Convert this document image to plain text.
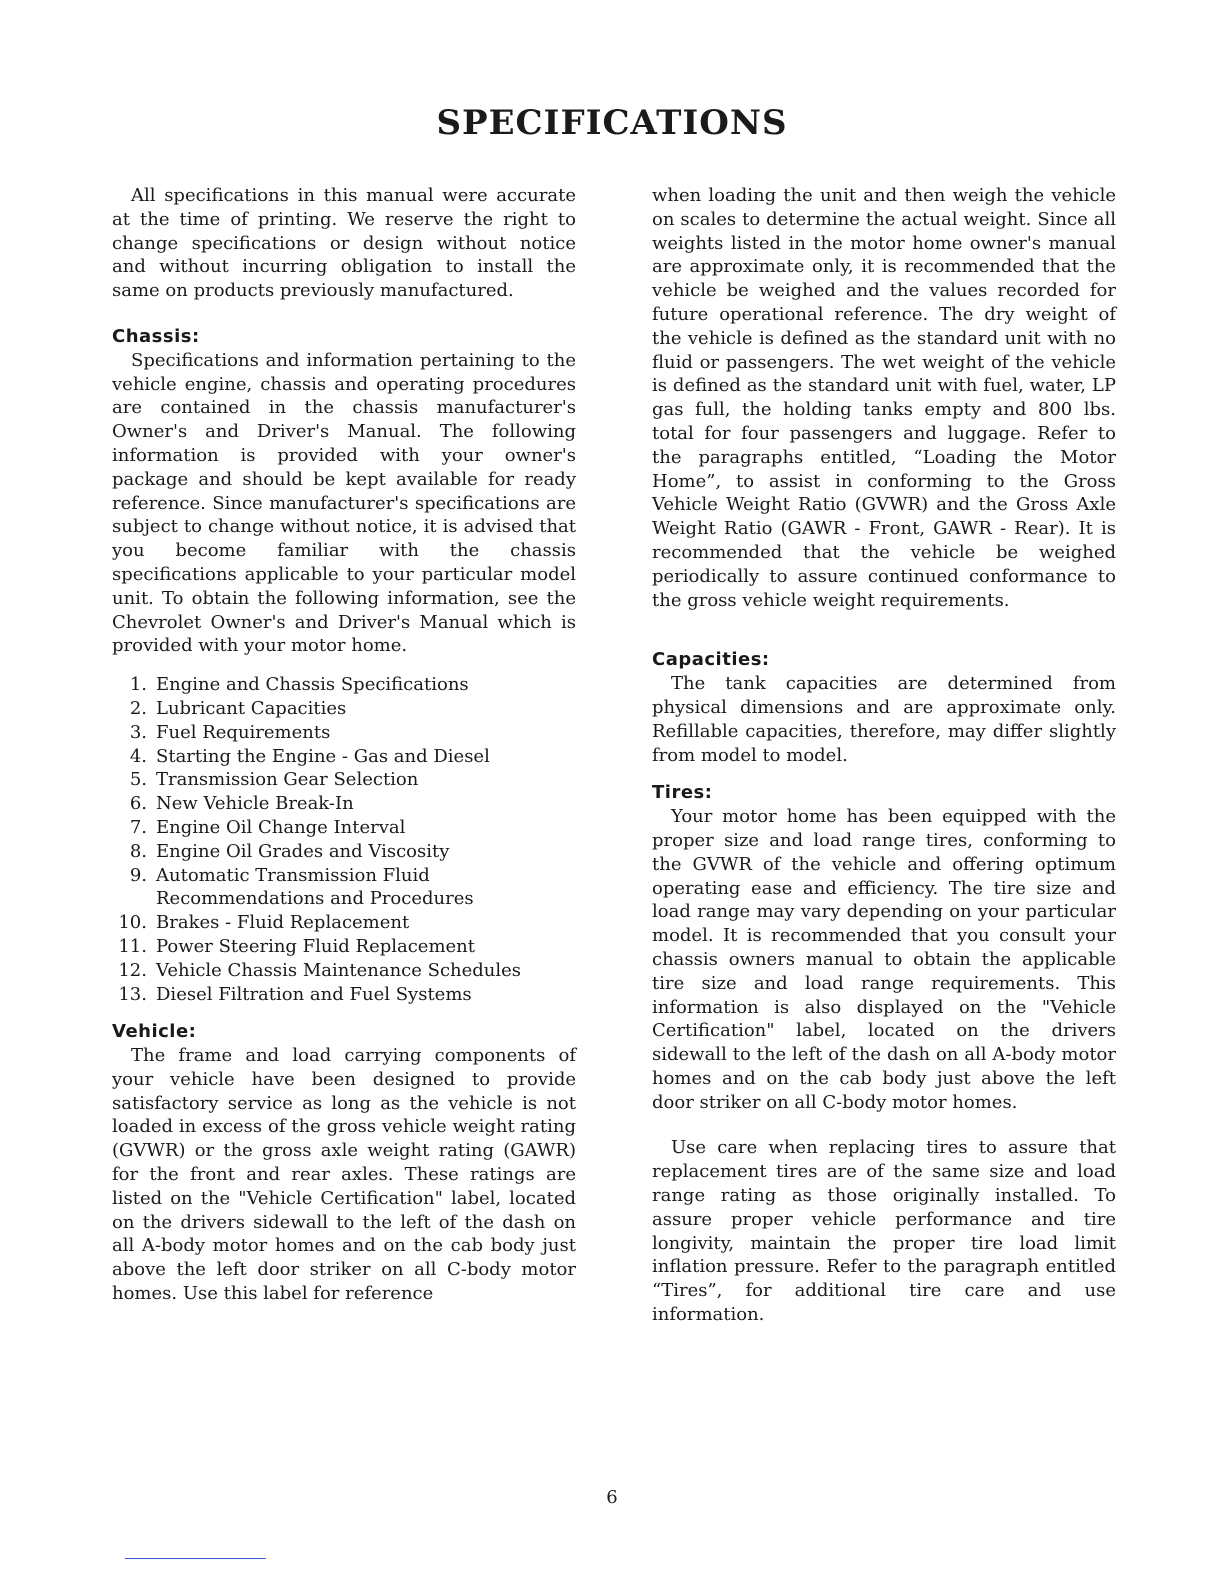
SPECIFICATIONS

All specifications in this manual were accurate at the time of printing. We reserve the right to change specifications or design without notice and without incurring obligation to install the same on products previously manufactured.

Chassis:

Specifications and information pertaining to the vehicle engine, chassis and operating procedures are contained in the chassis manufacturer's Owner's and Driver's Manual. The following information is provided with your owner's package and should be kept available for ready reference. Since manufacturer's specifications are subject to change without notice, it is advised that you become familiar with the chassis specifications applicable to your particular model unit. To obtain the following information, see the Chevrolet Owner's and Driver's Manual which is provided with your motor home.

1. Engine and Chassis Specifications
2. Lubricant Capacities
3. Fuel Requirements
4. Starting the Engine - Gas and Diesel
5. Transmission Gear Selection
6. New Vehicle Break-In
7. Engine Oil Change Interval
8. Engine Oil Grades and Viscosity
9. Automatic Transmission Fluid Recommendations and Procedures
10. Brakes - Fluid Replacement
11. Power Steering Fluid Replacement
12. Vehicle Chassis Maintenance Schedules
13. Diesel Filtration and Fuel Systems
Vehicle:

The frame and load carrying components of your vehicle have been designed to provide satisfactory service as long as the vehicle is not loaded in excess of the gross vehicle weight rating (GVWR) or the gross axle weight rating (GAWR) for the front and rear axles. These ratings are listed on the "Vehicle Certification" label, located on the drivers sidewall to the left of the dash on all A-body motor homes and on the cab body just above the left door striker on all C-body motor homes. Use this label for reference

when loading the unit and then weigh the vehicle on scales to determine the actual weight. Since all weights listed in the motor home owner's manual are approximate only, it is recommended that the vehicle be weighed and the values recorded for future operational reference. The dry weight of the vehicle is defined as the standard unit with no fluid or passengers. The wet weight of the vehicle is defined as the standard unit with fuel, water, LP gas full, the holding tanks empty and 800 lbs. total for four passengers and luggage. Refer to the paragraphs entitled, “Loading the Motor Home”, to assist in conforming to the Gross Vehicle Weight Ratio (GVWR) and the Gross Axle Weight Ratio (GAWR - Front, GAWR - Rear). It is recommended that the vehicle be weighed periodically to assure continued conformance to the gross vehicle weight requirements.

Capacities:

The tank capacities are determined from physical dimensions and are approximate only. Refillable capacities, therefore, may differ slightly from model to model.

Tires:

Your motor home has been equipped with the proper size and load range tires, conforming to the GVWR of the vehicle and offering optimum operating ease and efficiency. The tire size and load range may vary depending on your particular model. It is recommended that you consult your chassis owners manual to obtain the applicable tire size and load range requirements. This information is also displayed on the "Vehicle Certification" label, located on the drivers sidewall to the left of the dash on all A-body motor homes and on the cab body just above the left door striker on all C-body motor homes.

Use care when replacing tires to assure that replacement tires are of the same size and load range rating as those originally installed. To assure proper vehicle performance and tire longivity, maintain the proper tire load limit inflation pressure. Refer to the paragraph entitled “Tires”, for additional tire care and use information.

6
